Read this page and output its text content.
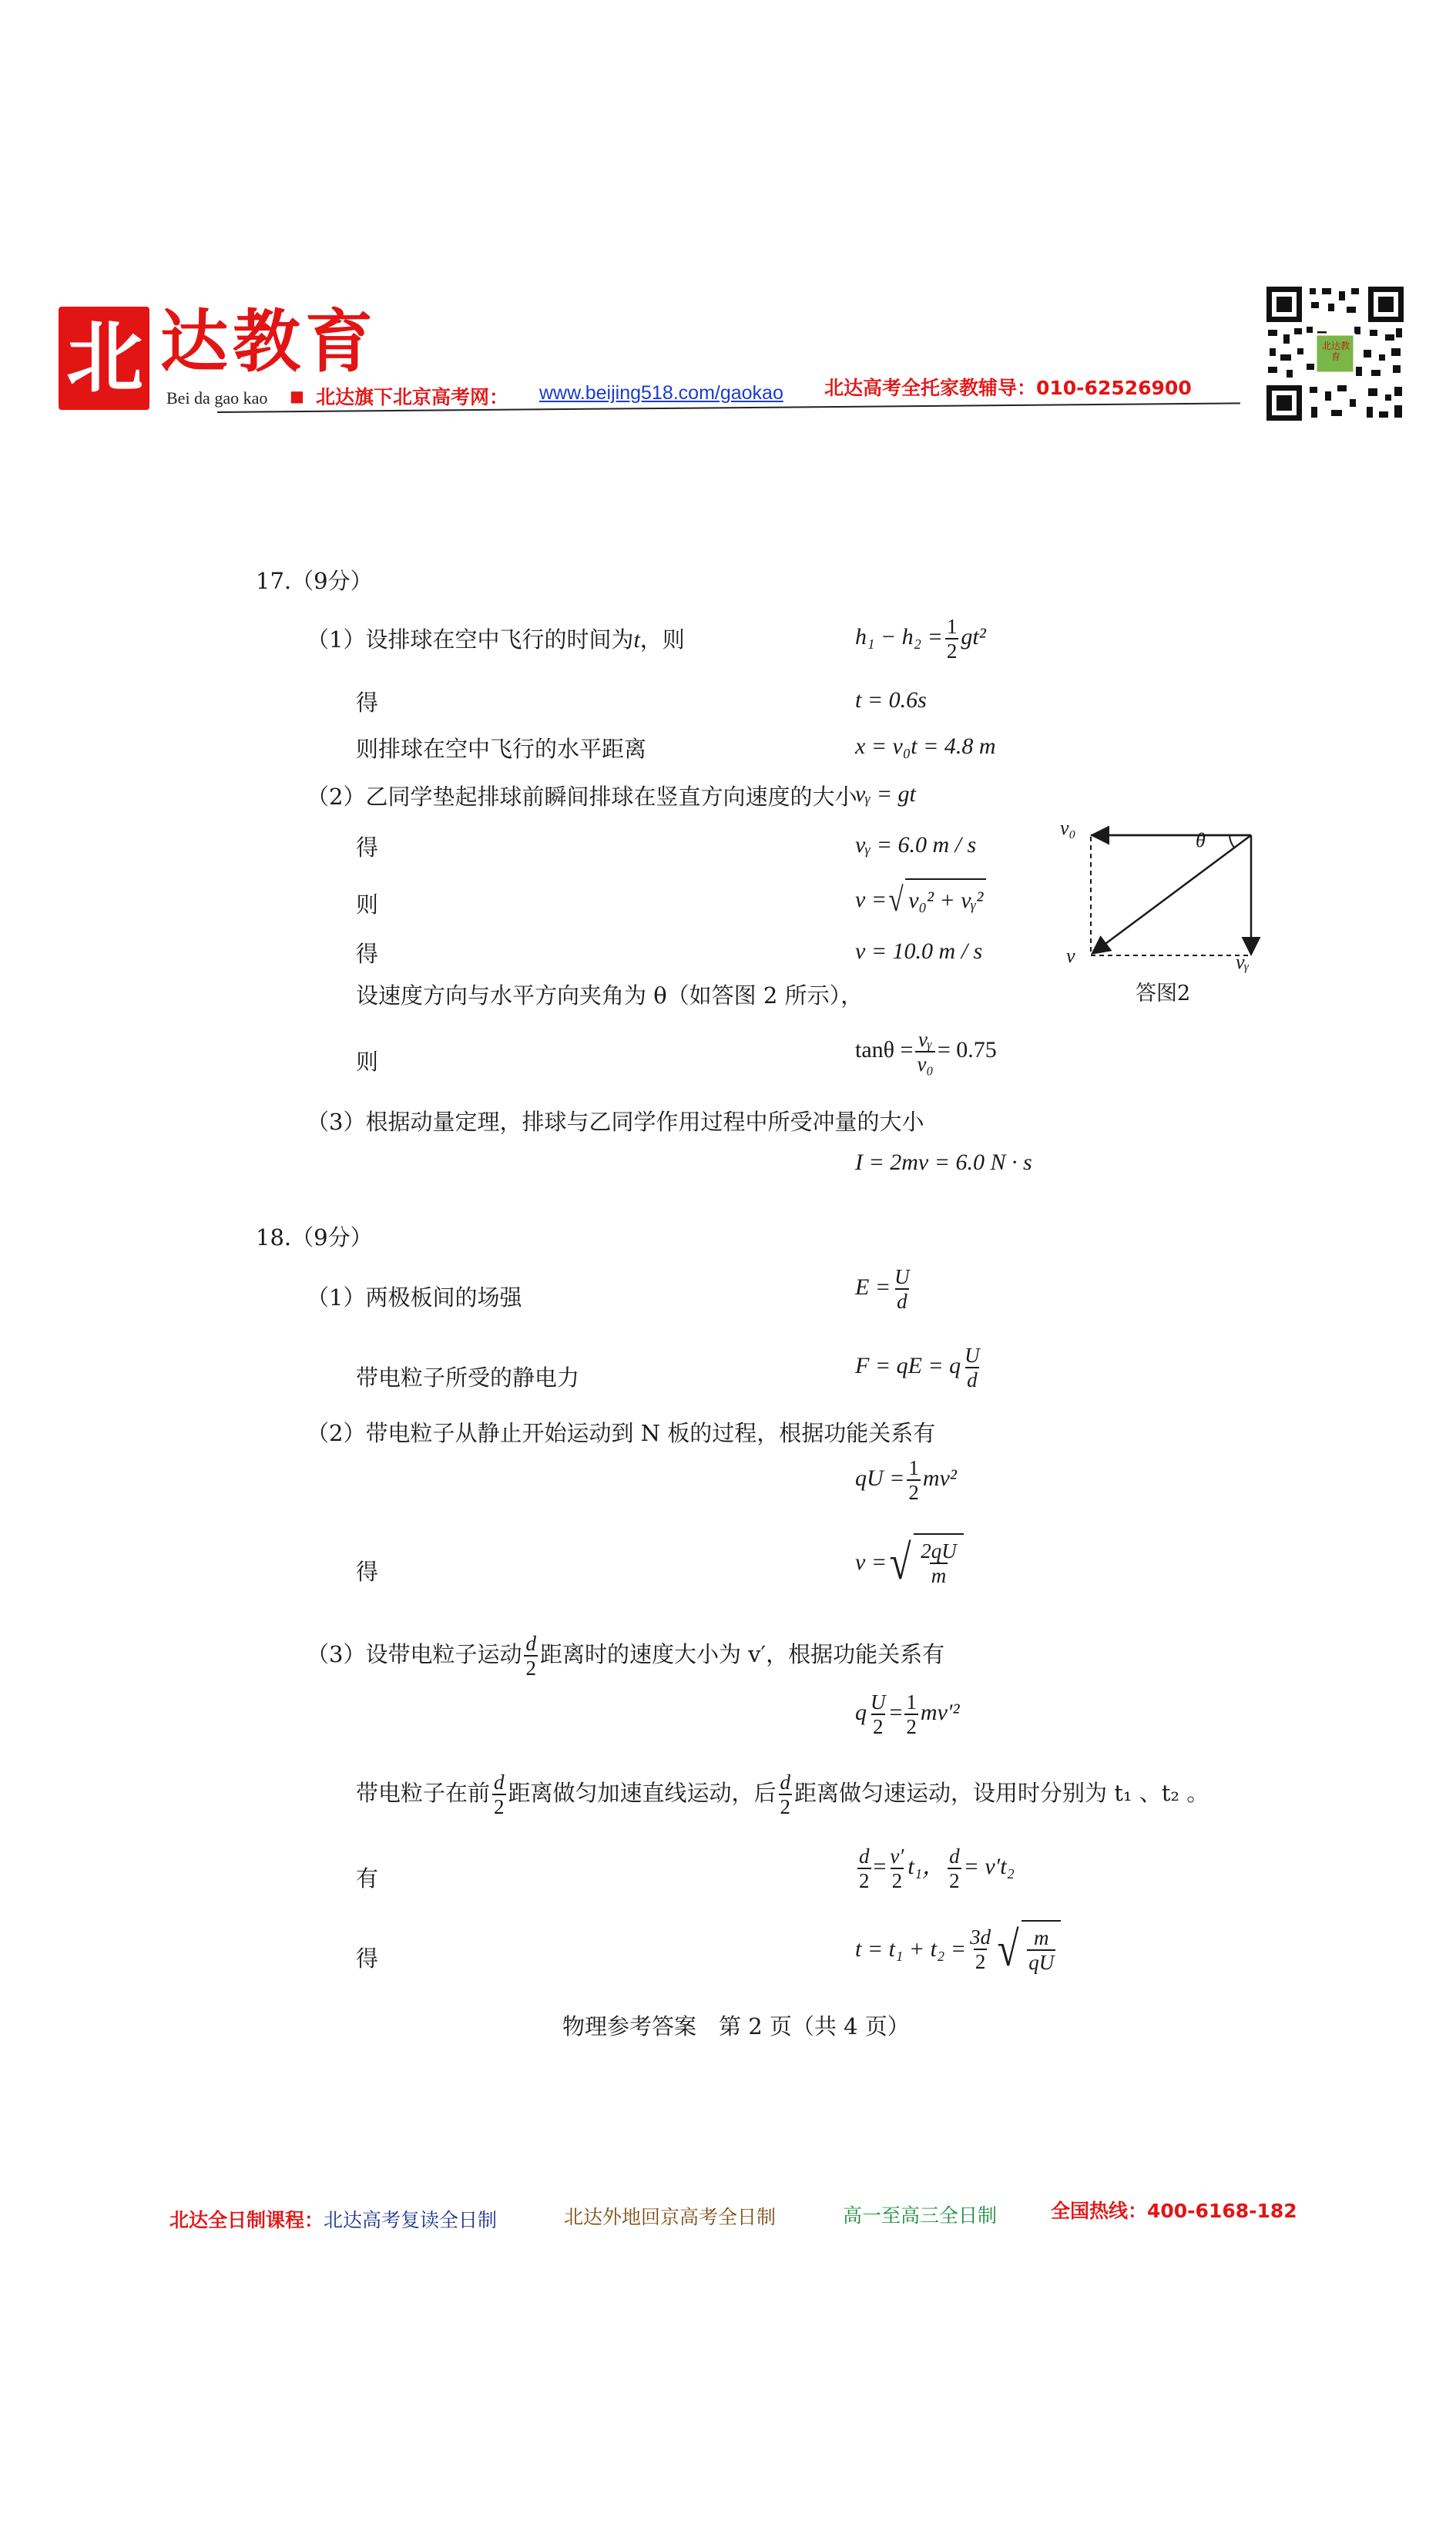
北 达教育
Bei da gao kao ■ 北达旗下北京高考网： www.beijing518.com/gaokao 北达高考全托家教辅导：010-62526900
北达教育
17.（9分）
（1）设排球在空中飞行的时间为t，则	$h_1 - h_2 = \frac{1}{2} gt^2$
得	t = 0.6s
则排球在空中飞行的水平距离	x = v₀t = 4.8 m
（2）乙同学垫起排球前瞬间排球在竖直方向速度的大小
vᵧ = gt
得	vᵧ = 6.0 m / s
则	v = √ v₀² + vᵧ²
得	v = 10.0 m / s
设速度方向与水平方向夹角为 θ（如答图 2 所示），
则	$\tan\theta = \frac{\text{vᵧ}}{\text{v₀}} = 0.75$
（3）根据动量定理，排球与乙同学作用过程中所受冲量的大小
I = 2mv = 6.0 N · s
v₀
θ
v	vᵧ
答图2
18.（9分）
（1）两极板间的场强	$E = \frac{U}{d}$
带电粒子所受的静电力	F = qE = q $\frac{U}{d}$
（2）带电粒子从静止开始运动到 N 板的过程，根据功能关系有
qU = $\frac{1}{2} mv^2$
得	v = √ $\frac{2qU}{m}$
（3）设带电粒子运动 $\frac{d}{2}$ 距离时的速度大小为 v′，根据功能关系有
q $\frac{U}{2} = \frac{1}{2} mv'^2$
带电粒子在前 $\frac{d}{2}$ 距离做匀加速直线运动，后 $\frac{d}{2}$ 距离做匀速运动，设用时分别为 t₁ 、t₂ 。
有	$\frac{d}{2} = \frac{v'}{2} t_1$， $\frac{d}{2} = v't_2$
得	$t = t_1 + t_2 = \frac{3d}{2}$ √ $\frac{m}{qU}$
物理参考答案　第 2 页（共 4 页）
北达全日制课程：北达高考复读全日制	北达外地回京高考全日制	高一至高三全日制	全国热线：400-6168-182
